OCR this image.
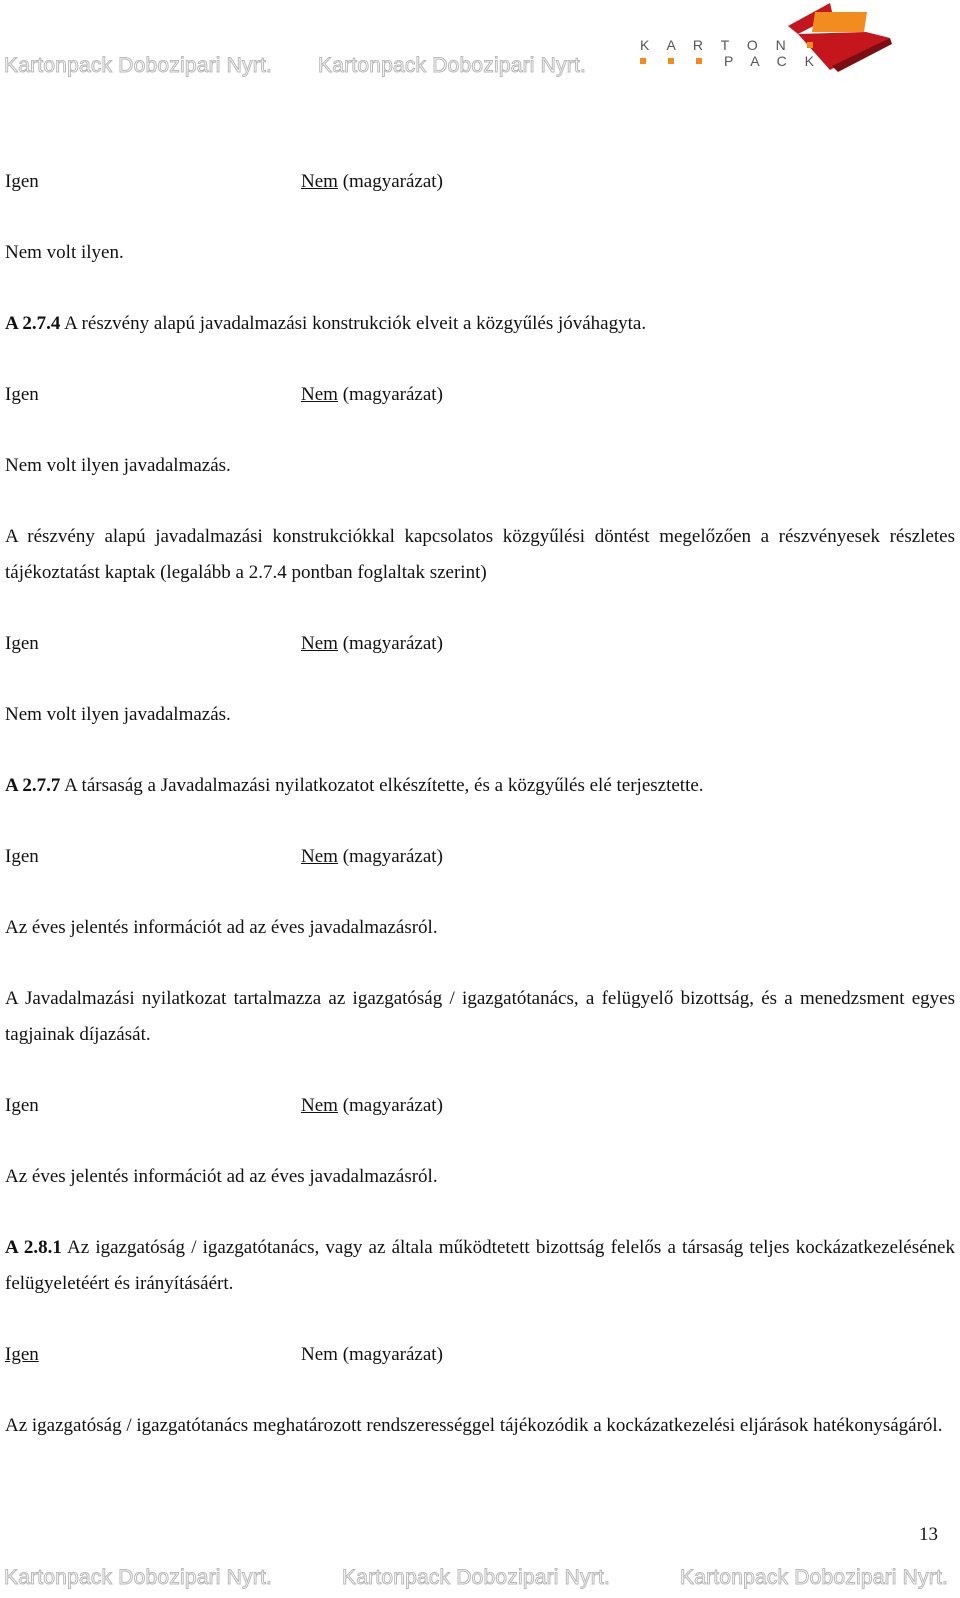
Kartonpack Dobozipari Nyrt. Kartonpack Dobozipari Nyrt.
K A R T O N
P A C K
Igen	Nem (magyarázat)
Nem volt ilyen.
A 2.7.4 A részvény alapú javadalmazási konstrukciók elveit a közgyűlés jóváhagyta.
Igen	Nem (magyarázat)
Nem volt ilyen javadalmazás.
A részvény alapú javadalmazási konstrukciókkal kapcsolatos közgyűlési döntést megelőzően a részvényesek részletes tájékoztatást kaptak (legalább a 2.7.4 pontban foglaltak szerint)
Igen	Nem (magyarázat)
Nem volt ilyen javadalmazás.
A 2.7.7 A társaság a Javadalmazási nyilatkozatot elkészítette, és a közgyűlés elé terjesztette.
Igen	Nem (magyarázat)
Az éves jelentés információt ad az éves javadalmazásról.
A Javadalmazási nyilatkozat tartalmazza az igazgatóság / igazgatótanács, a felügyelő bizottság, és a menedzsment egyes tagjainak díjazását.
Igen	Nem (magyarázat)
Az éves jelentés információt ad az éves javadalmazásról.
A 2.8.1 Az igazgatóság / igazgatótanács, vagy az általa működtetett bizottság felelős a társaság teljes kockázatkezelésének felügyeletéért és irányításáért.
Igen	Nem (magyarázat)
Az igazgatóság / igazgatótanács meghatározott rendszerességgel tájékozódik a kockázatkezelési eljárások hatékonyságáról.
13
Kartonpack Dobozipari Nyrt.	Kartonpack Dobozipari Nyrt.	Kartonpack Dobozipari Nyrt.
